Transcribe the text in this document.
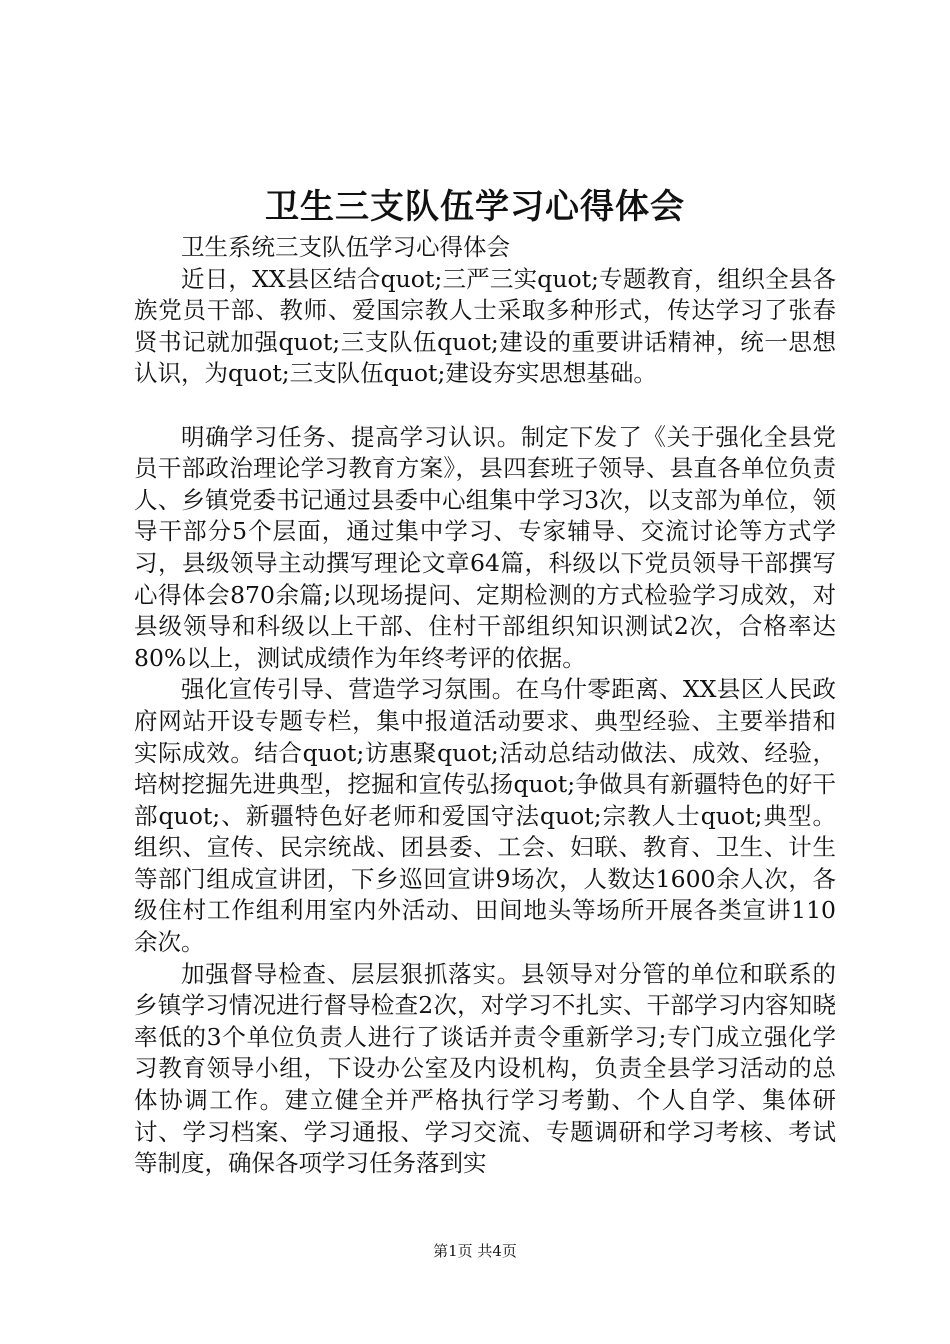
卫生三支队伍学习心得体会

卫生系统三支队伍学习心得体会

近日，XX县区结合quot;三严三实quot;专题教育，组织全县各族党员干部、教师、爱国宗教人士采取多种形式，传达学习了张春贤书记就加强quot;三支队伍quot;建设的重要讲话精神，统一思想认识，为quot;三支队伍quot;建设夯实思想基础。

明确学习任务、提高学习认识。制定下发了《关于强化全县党员干部政治理论学习教育方案》，县四套班子领导、县直各单位负责人、乡镇党委书记通过县委中心组集中学习3次，以支部为单位，领导干部分5个层面，通过集中学习、专家辅导、交流讨论等方式学习，县级领导主动撰写理论文章64篇，科级以下党员领导干部撰写心得体会870余篇;以现场提问、定期检测的方式检验学习成效，对县级领导和科级以上干部、住村干部组织知识测试2次，合格率达80%以上，测试成绩作为年终考评的依据。

强化宣传引导、营造学习氛围。在乌什零距离、XX县区人民政府网站开设专题专栏，集中报道活动要求、典型经验、主要举措和实际成效。结合quot;访惠聚quot;活动总结动做法、成效、经验，培树挖掘先进典型，挖掘和宣传弘扬quot;争做具有新疆特色的好干部quot;、新疆特色好老师和爱国守法quot;宗教人士quot;典型。组织、宣传、民宗统战、团县委、工会、妇联、教育、卫生、计生等部门组成宣讲团，下乡巡回宣讲9场次，人数达1600余人次，各级住村工作组利用室内外活动、田间地头等场所开展各类宣讲110余次。

加强督导检查、层层狠抓落实。县领导对分管的单位和联系的乡镇学习情况进行督导检查2次，对学习不扎实、干部学习内容知晓率低的3个单位负责人进行了谈话并责令重新学习;专门成立强化学习教育领导小组，下设办公室及内设机构，负责全县学习活动的总体协调工作。建立健全并严格执行学习考勤、个人自学、集体研讨、学习档案、学习通报、学习交流、专题调研和学习考核、考试等制度，确保各项学习任务落到实

第1页 共4页
